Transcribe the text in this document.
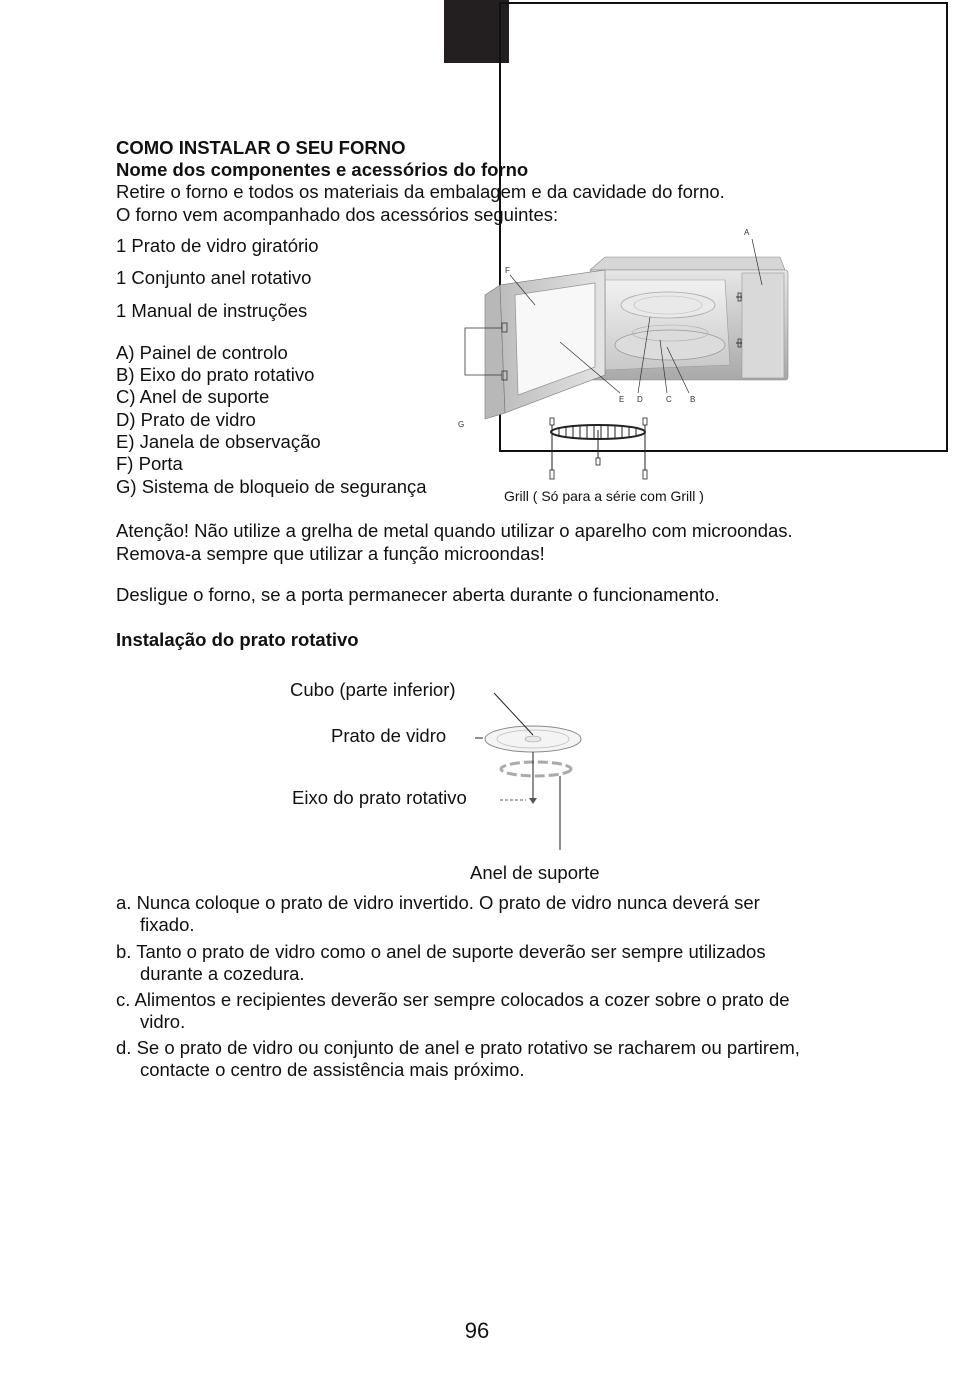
COMO INSTALAR O SEU FORNO
Nome dos componentes e acessórios do forno
Retire o forno e todos os materiais da embalagem e da cavidade do forno.
O forno vem acompanhado dos acessórios seguintes:
1 Prato de vidro giratório
1 Conjunto anel rotativo
1 Manual de instruções
A) Painel de controlo
B) Eixo do prato rotativo
C) Anel de suporte
D) Prato de vidro
E) Janela de observação
F) Porta
G) Sistema de bloqueio de segurança
A
F
E D	C B
G
Grill ( Só para a série com Grill )
Atenção! Não utilize a grelha de metal quando utilizar o aparelho com microondas.
Remova-a sempre que utilizar a função microondas!
Desligue o forno, se a porta permanecer aberta durante o funcionamento.
Instalação do prato rotativo
Cubo (parte inferior)
Prato de vidro
Eixo do prato rotativo
Anel de suporte
a. Nunca coloque o prato de vidro invertido. O prato de vidro nunca deverá ser
fixado.
b. Tanto o prato de vidro como o anel de suporte deverão ser sempre utilizados
durante a cozedura.
c. Alimentos e recipientes deverão ser sempre colocados a cozer sobre o prato de
vidro.
d. Se o prato de vidro ou conjunto de anel e prato rotativo se racharem ou partirem,
contacte o centro de assistência mais próximo.
96
